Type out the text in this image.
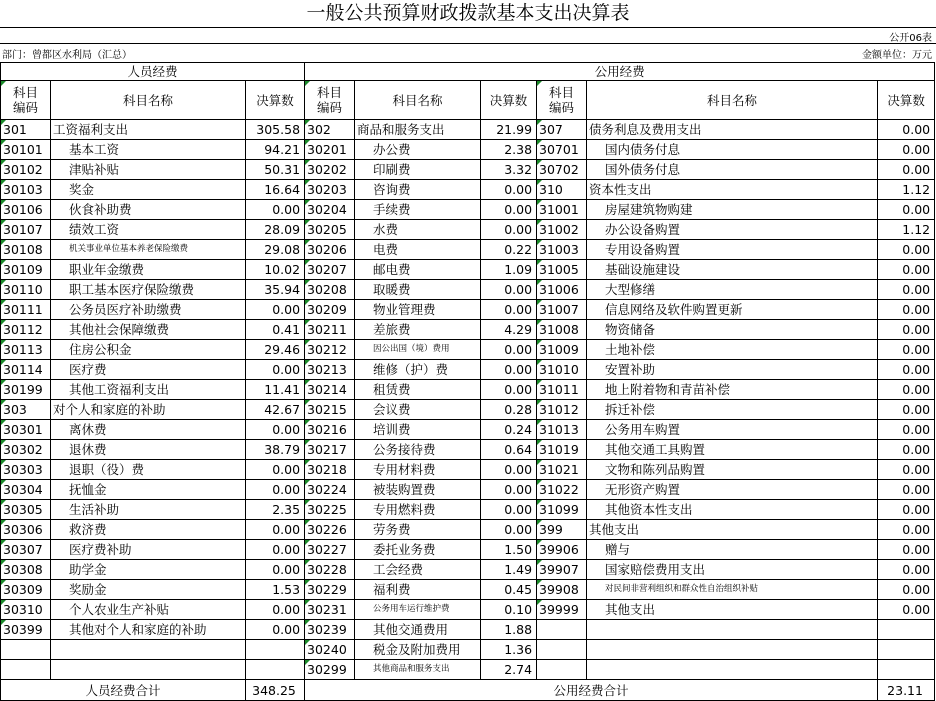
一般公共预算财政拨款基本支出决算表
公开06表
部门：曾都区水利局（汇总）	金额单位：万元
人员经费			公用经费					
科目
编码	科目名称	决算数	科目
编码	科目名称	决算数	科目
编码	科目名称	决算数
301	工资福利支出	305.58	302	商品和服务支出	21.99	307	债务利息及费用支出	0.00
30101	基本工资	94.21	30201	办公费	2.38	30701	国内债务付息	0.00
30102	津贴补贴	50.31	30202	印刷费	3.32	30702	国外债务付息	0.00
30103	奖金	16.64	30203	咨询费	0.00	310	资本性支出	1.12
30106	伙食补助费	0.00	30204	手续费	0.00	31001	房屋建筑物购建	0.00
30107	绩效工资	28.09	30205	水费	0.00	31002	办公设备购置	1.12
30108	机关事业单位基本养老保险缴费	29.08	30206	电费	0.22	31003	专用设备购置	0.00
30109	职业年金缴费	10.02	30207	邮电费	1.09	31005	基础设施建设	0.00
30110	职工基本医疗保险缴费	35.94	30208	取暖费	0.00	31006	大型修缮	0.00
30111	公务员医疗补助缴费	0.00	30209	物业管理费	0.00	31007	信息网络及软件购置更新	0.00
30112	其他社会保障缴费	0.41	30211	差旅费	4.29	31008	物资储备	0.00
30113	住房公积金	29.46	30212	因公出国（境）费用	0.00	31009	土地补偿	0.00
30114	医疗费	0.00	30213	维修（护）费	0.00	31010	安置补助	0.00
30199	其他工资福利支出	11.41	30214	租赁费	0.00	31011	地上附着物和青苗补偿	0.00
303	对个人和家庭的补助	42.67	30215	会议费	0.28	31012	拆迁补偿	0.00
30301	离休费	0.00	30216	培训费	0.24	31013	公务用车购置	0.00
30302	退休费	38.79	30217	公务接待费	0.64	31019	其他交通工具购置	0.00
30303	退职（役）费	0.00	30218	专用材料费	0.00	31021	文物和陈列品购置	0.00
30304	抚恤金	0.00	30224	被装购置费	0.00	31022	无形资产购置	0.00
30305	生活补助	2.35	30225	专用燃料费	0.00	31099	其他资本性支出	0.00
30306	救济费	0.00	30226	劳务费	0.00	399	其他支出	0.00
30307	医疗费补助	0.00	30227	委托业务费	1.50	39906	赠与	0.00
30308	助学金	0.00	30228	工会经费	1.49	39907	国家赔偿费用支出	0.00
30309	奖励金	1.53	30229	福利费	0.45	39908	对民间非营利组织和群众性自治组织补贴	0.00
30310	个人农业生产补贴	0.00	30231	公务用车运行维护费	0.10	39999	其他支出	0.00
30399	其他对个人和家庭的补助	0.00	30239	其他交通费用	1.88			
			30240	税金及附加费用	1.36			
			30299	其他商品和服务支出	2.74			
人员经费合计		348.25	公用经费合计					23.11
